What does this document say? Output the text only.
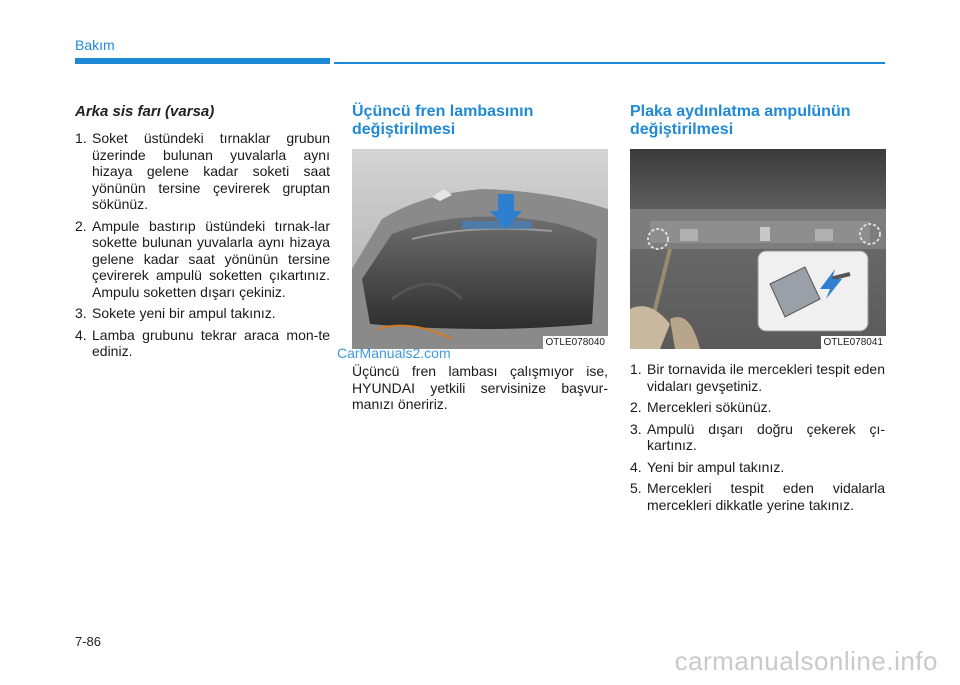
Bakım
Arka sis farı (varsa)
1. Soket üstündeki tırnaklar grubun üzerinde bulunan yuvalarla aynı hizaya gelene kadar soketi saat yönünün tersine çevirerek gruptan sökünüz.
2. Ampule bastırıp üstündeki tırnak-lar sokette bulunan yuvalarla aynı hizaya gelene kadar saat yönünün tersine çevirerek ampulü soketten çıkartınız. Ampulu soketten dışarı çekiniz.
3. Sokete yeni bir ampul takınız.
4. Lamba grubunu tekrar araca mon-te ediniz.
Üçüncü fren lambasının değiştirilmesi
OTLE078040

Üçüncü fren lambası çalışmıyor ise, HYUNDAI yetkili servisinize başvur-manızı öneririz.

Plaka aydınlatma ampulünün değiştirilmesi
OTLE078041
1. Bir tornavida ile mercekleri tespit eden vidaları gevşetiniz.
2. Mercekleri sökünüz.
3. Ampulü dışarı doğru çekerek çı-kartınız.
4. Yeni bir ampul takınız.
5. Mercekleri tespit eden vidalarla mercekleri dikkatle yerine takınız.
CarManuals2.com
7-86
carmanualsonline.info
